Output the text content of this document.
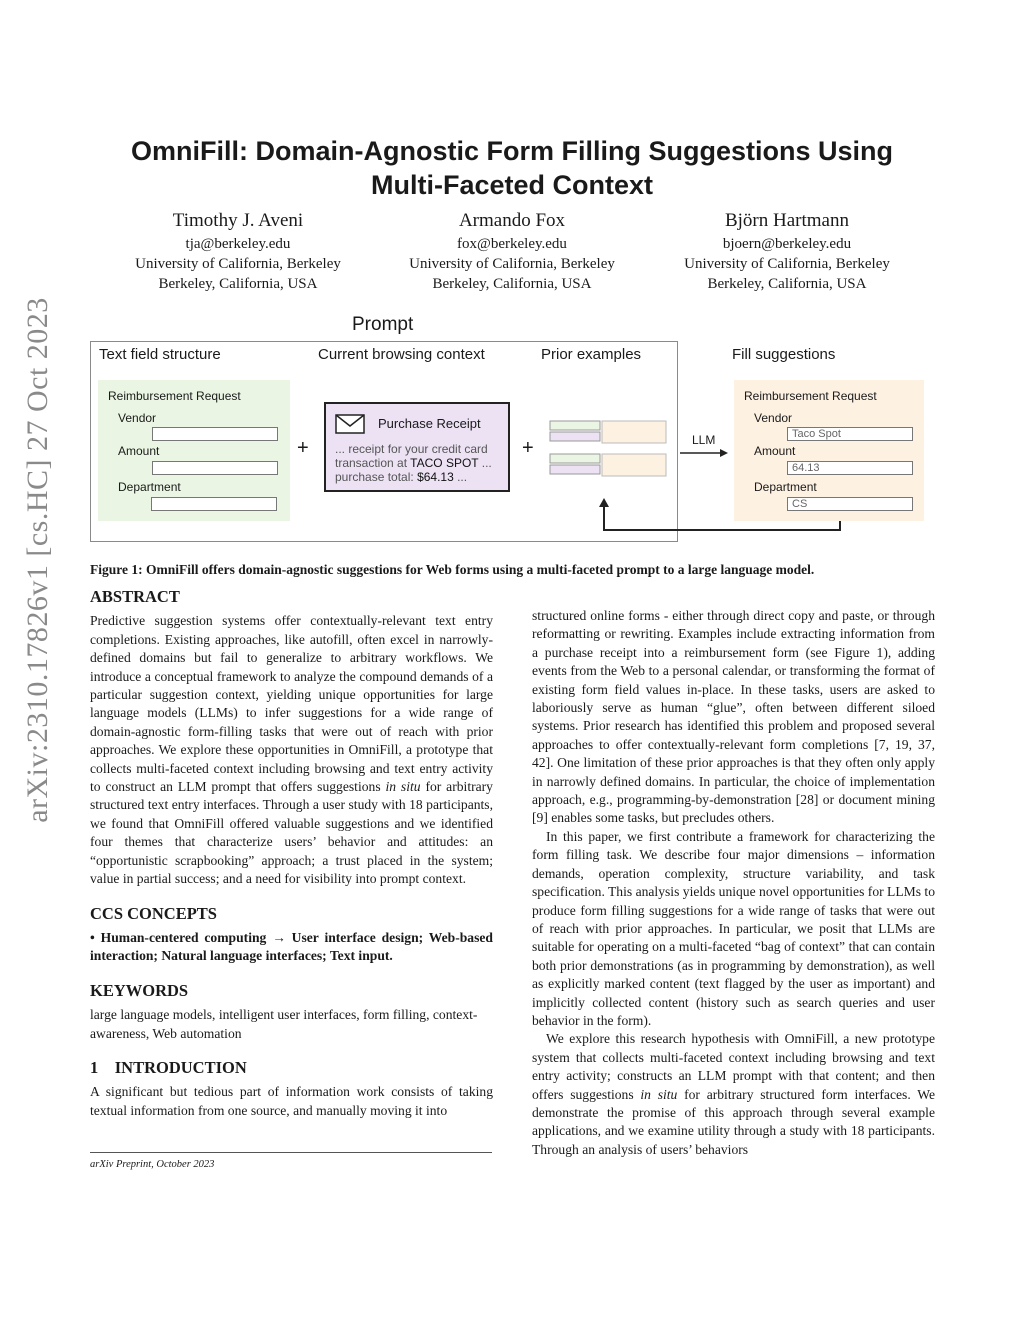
arXiv:2310.17826v1 [cs.HC] 27 Oct 2023
OmniFill: Domain-Agnostic Form Filling Suggestions Using
Multi-Faceted Context
Timothy J. Aveni
tja@berkeley.edu
University of California, Berkeley
Berkeley, California, USA
Armando Fox
fox@berkeley.edu
University of California, Berkeley
Berkeley, California, USA
Björn Hartmann
bjoern@berkeley.edu
University of California, Berkeley
Berkeley, California, USA
Prompt
Text field structure	Current browsing context	Prior examples	Fill suggestions
Reimbursement Request
Vendor
Amount
Department
+
Purchase Receipt
... receipt for your credit card
transaction at TACO SPOT ...
purchase total: $64.13 ...
+	LLM
Reimbursement Request
Vendor
Taco Spot
Amount
64.13
Department
CS
Figure 1: OmniFill offers domain-agnostic suggestions for Web forms using a multi-faceted prompt to a large language model.
ABSTRACT

Predictive suggestion systems offer contextually-relevant text entry completions. Existing approaches, like autofill, often excel in narrowly-defined domains but fail to generalize to arbitrary workflows. We introduce a conceptual framework to analyze the compound demands of a particular suggestion context, yielding unique opportunities for large language models (LLMs) to infer suggestions for a wide range of domain-agnostic form-filling tasks that were out of reach with prior approaches. We explore these opportunities in OmniFill, a prototype that collects multi-faceted context including browsing and text entry activity to construct an LLM prompt that offers suggestions in situ for arbitrary structured text entry interfaces. Through a user study with 18 participants, we found that OmniFill offered valuable suggestions and we identified four themes that characterize users’ behavior and attitudes: an “opportunistic scrapbooking” approach; a trust placed in the system; value in partial success; and a need for visibility into prompt context.

CCS CONCEPTS

• Human-centered computing → User interface design; Web-based interaction; Natural language interfaces; Text input.

KEYWORDS

large language models, intelligent user interfaces, form filling, context-awareness, Web automation

1    INTRODUCTION

A significant but tedious part of information work consists of taking textual information from one source, and manually moving it into

arXiv Preprint, October 2023

structured online forms - either through direct copy and paste, or through reformatting or rewriting. Examples include extracting information from a purchase receipt into a reimbursement form (see Figure 1), adding events from the Web to a personal calendar, or transforming the format of existing form field values in-place. In these tasks, users are asked to laboriously serve as human “glue”, often between different siloed systems. Prior research has identified this problem and proposed several approaches to offer contextually-relevant form completions [7, 19, 37, 42]. One limitation of these prior approaches is that they often only apply in narrowly defined domains. In particular, the choice of implementation approach, e.g., programming-by-demonstration [28] or document mining [9] enables some tasks, but precludes others.

In this paper, we first contribute a framework for characterizing the form filling task. We describe four major dimensions – information demands, operation complexity, structure variability, and task specification. This analysis yields unique novel opportunities for LLMs to produce form filling suggestions for a wide range of tasks that were out of reach with prior approaches. In particular, we posit that LLMs are suitable for operating on a multi-faceted “bag of context” that can contain both prior demonstrations (as in programming by demonstration), as well as explicitly marked content (text flagged by the user as important) and implicitly collected content (history such as search queries and user behavior in the form).

We explore this research hypothesis with OmniFill, a new prototype system that collects multi-faceted context including browsing and text entry activity; constructs an LLM prompt with that content; and then offers suggestions in situ for arbitrary structured form interfaces. We demonstrate the promise of this approach through several example applications, and we examine utility through a study with 18 participants. Through an analysis of users’ behaviors
